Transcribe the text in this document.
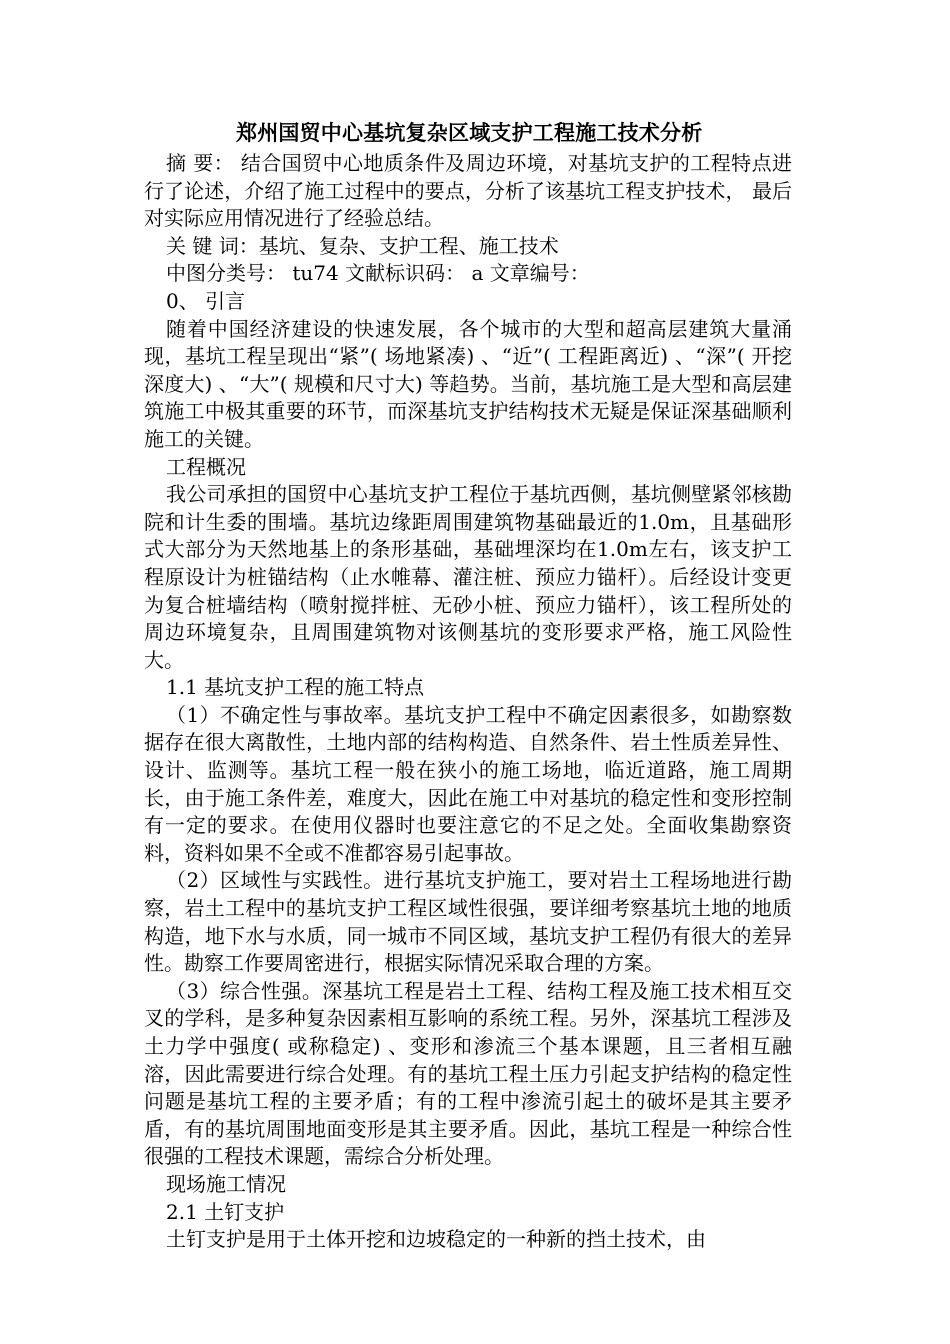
郑州国贸中心基坑复杂区域支护工程施工技术分析

摘 要： 结合国贸中心地质条件及周边环境，对基坑支护的工程特点进行了论述，介绍了施工过程中的要点，分析了该基坑工程支护技术， 最后对实际应用情况进行了经验总结。

关 键 词：基坑、复杂、支护工程、施工技术

中图分类号： tu74 文献标识码： a 文章编号：

0、 引言

随着中国经济建设的快速发展，各个城市的大型和超高层建筑大量涌现，基坑工程呈现出“紧”( 场地紧凑) 、“近”( 工程距离近) 、“深”( 开挖深度大) 、“大”( 规模和尺寸大) 等趋势。当前，基坑施工是大型和高层建筑施工中极其重要的环节，而深基坑支护结构技术无疑是保证深基础顺利施工的关键。

工程概况

我公司承担的国贸中心基坑支护工程位于基坑西侧，基坑侧壁紧邻核勘院和计生委的围墙。基坑边缘距周围建筑物基础最近的1.0m，且基础形式大部分为天然地基上的条形基础，基础埋深均在1.0m左右，该支护工程原设计为桩锚结构（止水帷幕、灌注桩、预应力锚杆）。后经设计变更为复合桩墙结构（喷射搅拌桩、无砂小桩、预应力锚杆），该工程所处的周边环境复杂，且周围建筑物对该侧基坑的变形要求严格，施工风险性大。

1.1 基坑支护工程的施工特点

（1）不确定性与事故率。基坑支护工程中不确定因素很多，如勘察数据存在很大离散性，土地内部的结构构造、自然条件、岩土性质差异性、设计、监测等。基坑工程一般在狭小的施工场地，临近道路，施工周期长，由于施工条件差，难度大，因此在施工中对基坑的稳定性和变形控制有一定的要求。在使用仪器时也要注意它的不足之处。全面收集勘察资料，资料如果不全或不准都容易引起事故。

（2）区域性与实践性。进行基坑支护施工，要对岩土工程场地进行勘察，岩土工程中的基坑支护工程区域性很强，要详细考察基坑土地的地质构造，地下水与水质，同一城市不同区域，基坑支护工程仍有很大的差异性。勘察工作要周密进行，根据实际情况采取合理的方案。

（3）综合性强。深基坑工程是岩土工程、结构工程及施工技术相互交叉的学科，是多种复杂因素相互影响的系统工程。另外，深基坑工程涉及土力学中强度( 或称稳定) 、变形和渗流三个基本课题，且三者相互融溶，因此需要进行综合处理。有的基坑工程土压力引起支护结构的稳定性问题是基坑工程的主要矛盾；有的工程中渗流引起土的破坏是其主要矛盾，有的基坑周围地面变形是其主要矛盾。因此，基坑工程是一种综合性很强的工程技术课题，需综合分析处理。

现场施工情况

2.1 土钉支护

土钉支护是用于土体开挖和边坡稳定的一种新的挡土技术，由
